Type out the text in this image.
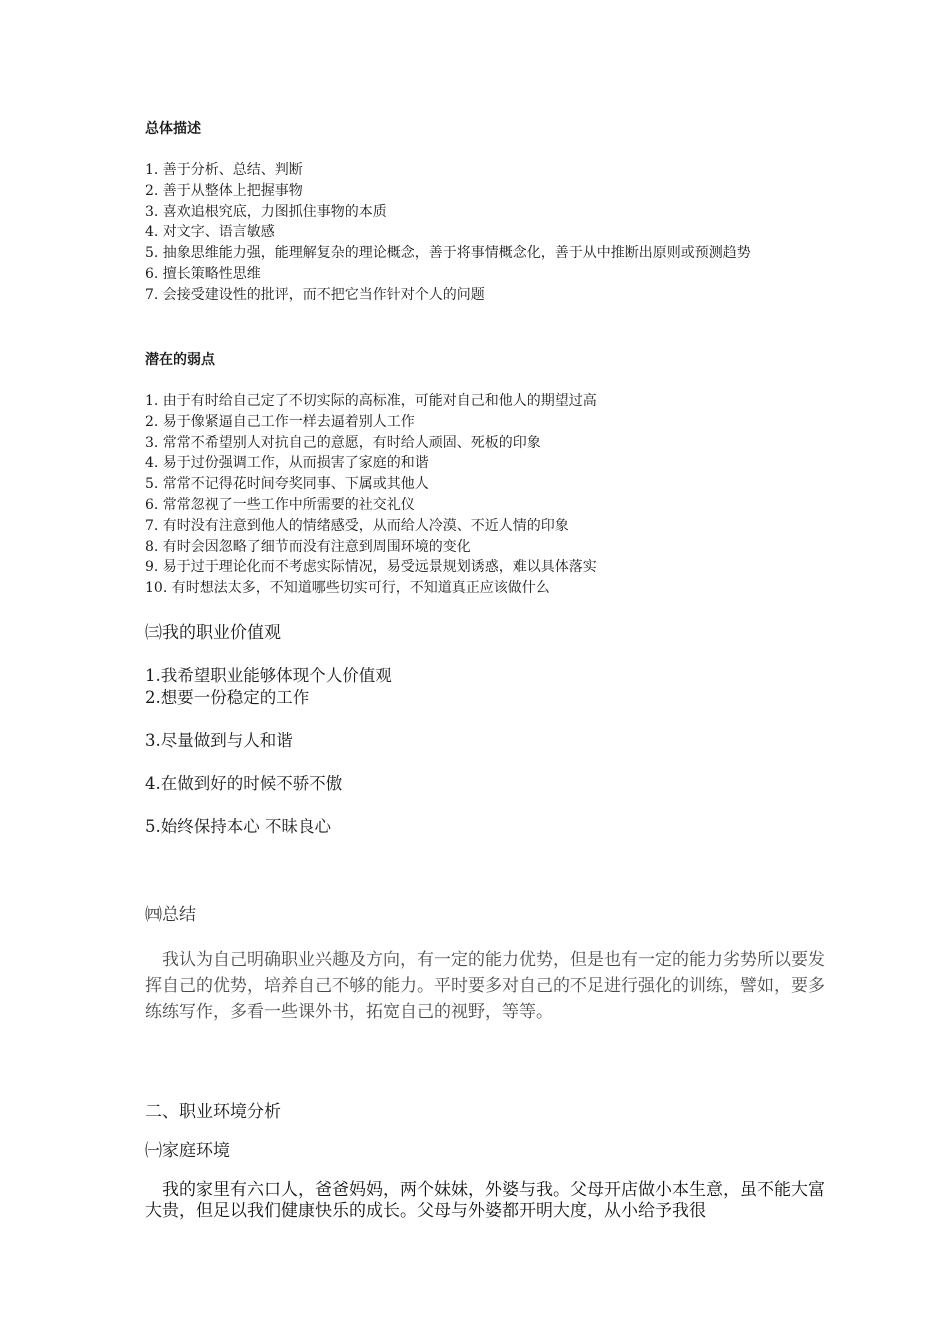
总体描述
1. 善于分析、总结、判断
2. 善于从整体上把握事物
3. 喜欢追根究底，力图抓住事物的本质
4. 对文字、语言敏感
5. 抽象思维能力强，能理解复杂的理论概念，善于将事情概念化，善于从中推断出原则或预测趋势
6. 擅长策略性思维
7. 会接受建设性的批评，而不把它当作针对个人的问题
潜在的弱点
1. 由于有时给自己定了不切实际的高标准，可能对自己和他人的期望过高
2. 易于像紧逼自己工作一样去逼着别人工作
3. 常常不希望别人对抗自己的意愿，有时给人顽固、死板的印象
4. 易于过份强调工作，从而损害了家庭的和谐
5. 常常不记得花时间夸奖同事、下属或其他人
6. 常常忽视了一些工作中所需要的社交礼仪
7. 有时没有注意到他人的情绪感受，从而给人冷漠、不近人情的印象
8. 有时会因忽略了细节而没有注意到周围环境的变化
9. 易于过于理论化而不考虑实际情况，易受远景规划诱惑，难以具体落实
10. 有时想法太多，不知道哪些切实可行，不知道真正应该做什么
㈢我的职业价值观
1.我希望职业能够体现个人价值观
2.想要一份稳定的工作
3.尽量做到与人和谐
4.在做到好的时候不骄不傲
5.始终保持本心 不昧良心
㈣总结

我认为自己明确职业兴趣及方向，有一定的能力优势，但是也有一定的能力劣势所以要发挥自己的优势，培养自己不够的能力。平时要多对自己的不足进行强化的训练，譬如，要多练练写作，多看一些课外书，拓宽自己的视野，等等。

二、职业环境分析
㈠家庭环境

我的家里有六口人，爸爸妈妈，两个妹妹，外婆与我。父母开店做小本生意，虽不能大富大贵，但足以我们健康快乐的成长。父母与外婆都开明大度，从小给予我很
